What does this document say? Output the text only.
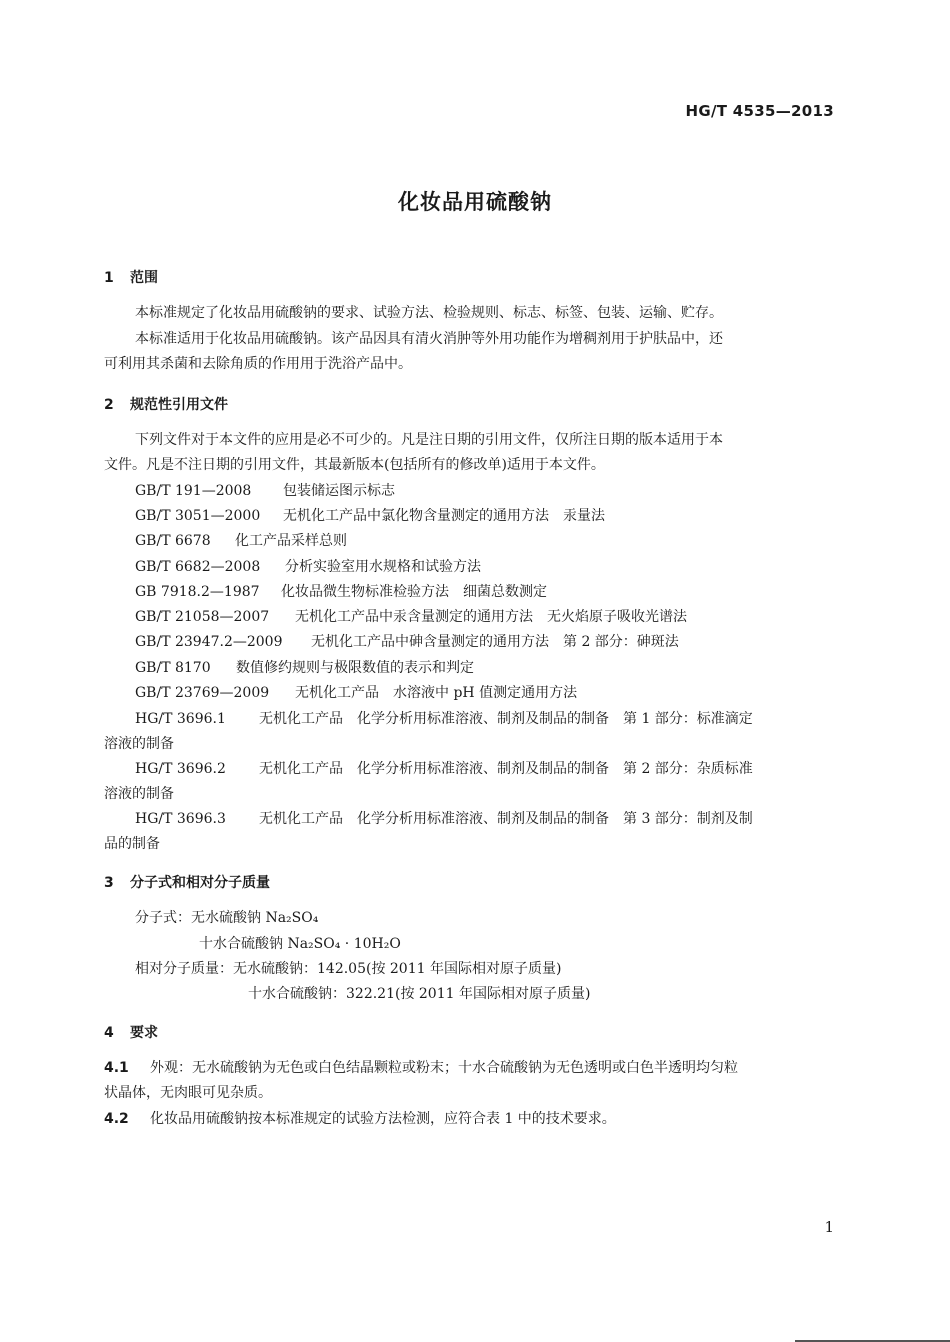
HG/T 4535—2013
化妆品用硫酸钠
1 范围
本标准规定了化妆品用硫酸钠的要求、试验方法、检验规则、标志、标签、包装、运输、贮存。
本标准适用于化妆品用硫酸钠。该产品因具有清火消肿等外用功能作为增稠剂用于护肤品中，还
可利用其杀菌和去除角质的作用用于洗浴产品中。
2 规范性引用文件
下列文件对于本文件的应用是必不可少的。凡是注日期的引用文件，仅所注日期的版本适用于本
文件。凡是不注日期的引用文件，其最新版本(包括所有的修改单)适用于本文件。
GB/T 191—2008 包装储运图示标志
GB/T 3051—2000 无机化工产品中氯化物含量测定的通用方法　汞量法
GB/T 6678 化工产品采样总则
GB/T 6682—2008 分析实验室用水规格和试验方法
GB 7918.2—1987 化妆品微生物标准检验方法　细菌总数测定
GB/T 21058—2007 无机化工产品中汞含量测定的通用方法　无火焰原子吸收光谱法
GB/T 23947.2—2009 无机化工产品中砷含量测定的通用方法　第 2 部分：砷斑法
GB/T 8170 数值修约规则与极限数值的表示和判定
GB/T 23769—2009 无机化工产品　水溶液中 pH 值测定通用方法
HG/T 3696.1 无机化工产品　化学分析用标准溶液、制剂及制品的制备　第 1 部分：标准滴定
溶液的制备
HG/T 3696.2 无机化工产品　化学分析用标准溶液、制剂及制品的制备　第 2 部分：杂质标准
溶液的制备
HG/T 3696.3 无机化工产品　化学分析用标准溶液、制剂及制品的制备　第 3 部分：制剂及制
品的制备
3 分子式和相对分子质量
分子式：无水硫酸钠 Na₂SO₄
十水合硫酸钠 Na₂SO₄ · 10H₂O
相对分子质量：无水硫酸钠：142.05(按 2011 年国际相对原子质量)
十水合硫酸钠：322.21(按 2011 年国际相对原子质量)
4 要求
4.1 外观：无水硫酸钠为无色或白色结晶颗粒或粉末；十水合硫酸钠为无色透明或白色半透明均匀粒
状晶体，无肉眼可见杂质。
4.2 化妆品用硫酸钠按本标准规定的试验方法检测，应符合表 1 中的技术要求。
1
